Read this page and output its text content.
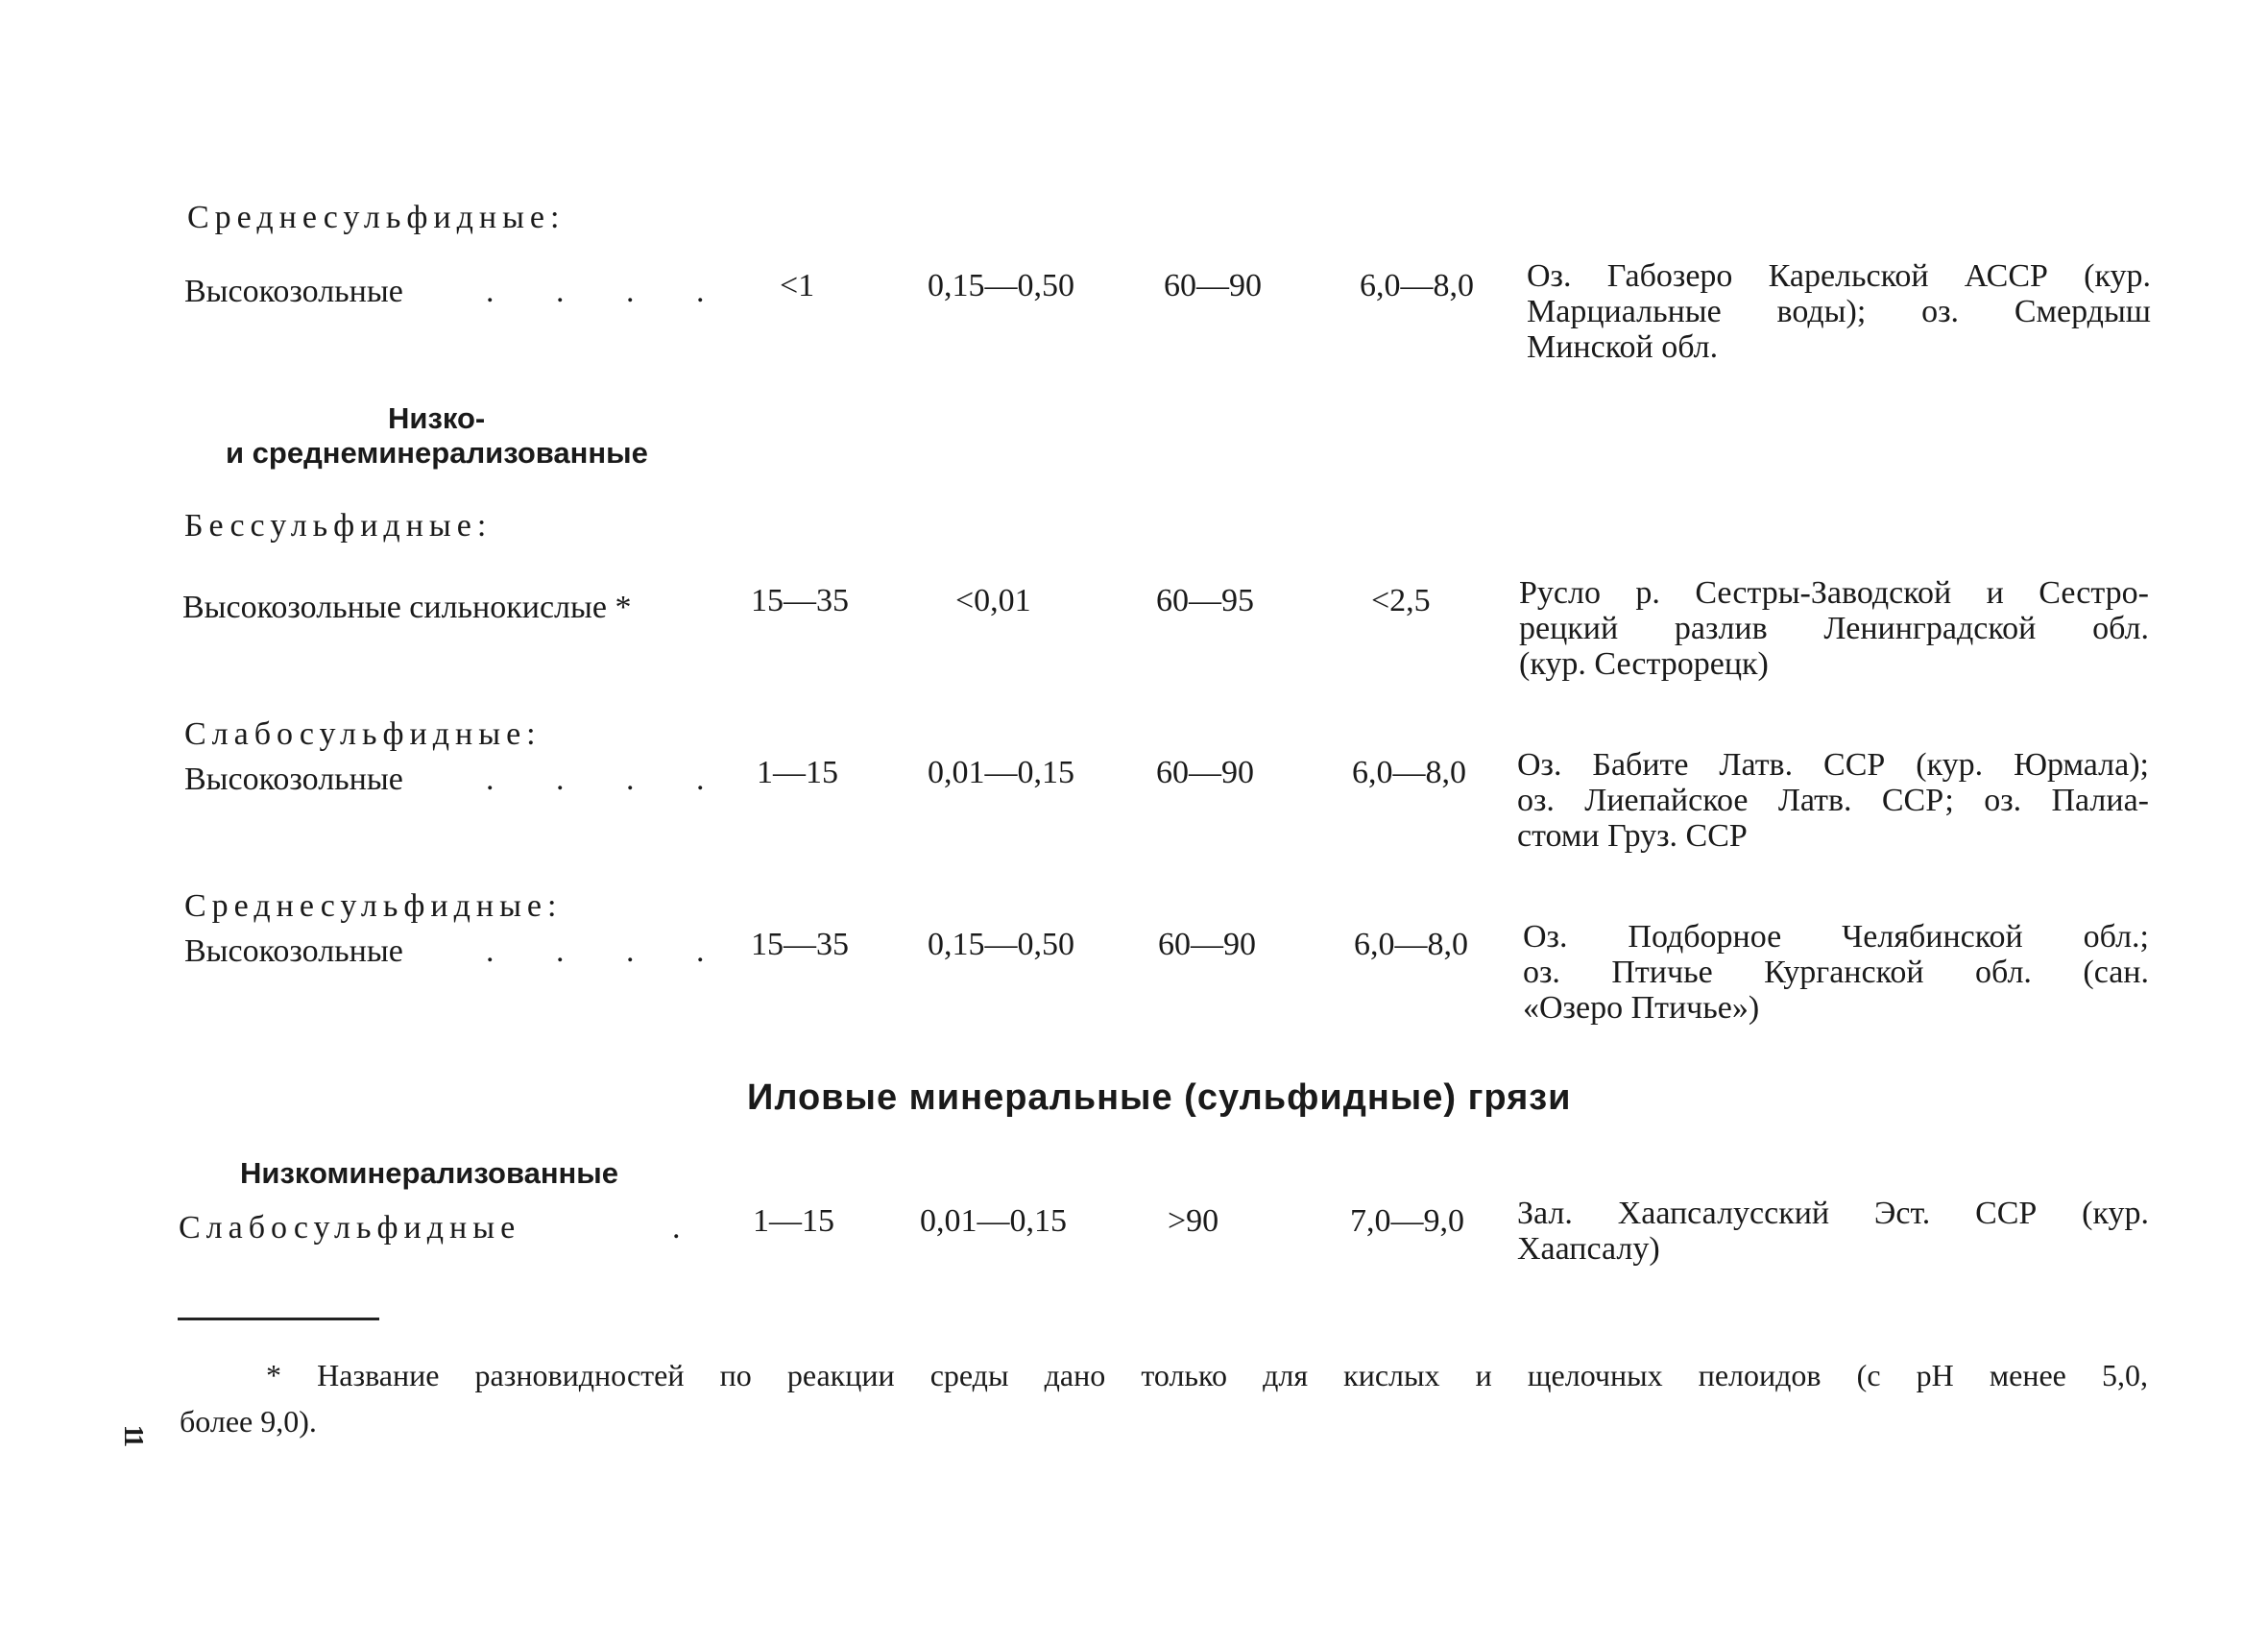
Среднесульфидные:
Высокозольные	. . . . <1	0,15—0,50	60—90	6,0—8,0 Оз. Габозеро Карельской АССР (кур.
Марциальные воды); оз. Смердыш
Минской обл.
Низко-
и среднеминерализованные
Бессульфидные:
Высокозольные сильнокислые *	15—35	<0,01	60—95	<2,5	Русло р. Сестры-Заводской и Сестро-
рецкий разлив Ленинградской обл.
(кур. Сестрорецк)
Слабосульфидные:
Высокозольные	. . . . 1—15	0,01—0,15	60—90	6,0—8,0 Оз. Бабите Латв. ССР (кур. Юрмала);
оз. Лиепайское Латв. ССР; оз. Палиа-
стоми Груз. ССР
Среднесульфидные:
Высокозольные	. . . . 15—35 0,15—0,50	60—90	6,0—8,0 Оз. Подборное Челябинской обл.;
оз. Птичье Курганской обл. (сан.
«Озеро Птичье»)
Иловые минеральные (сульфидные) грязи
Низкоминерализованные
Слабосульфидные	. 1—15	0,01—0,15	>90	7,0—9,0 Зал. Хаапсалусский Эст. ССР (кур.
Хаапсалу)
* Название разновидностей по реакции среды дано только для кислых и щелочных пелоидов (с pH менее 5,0,
более 9,0).
11
